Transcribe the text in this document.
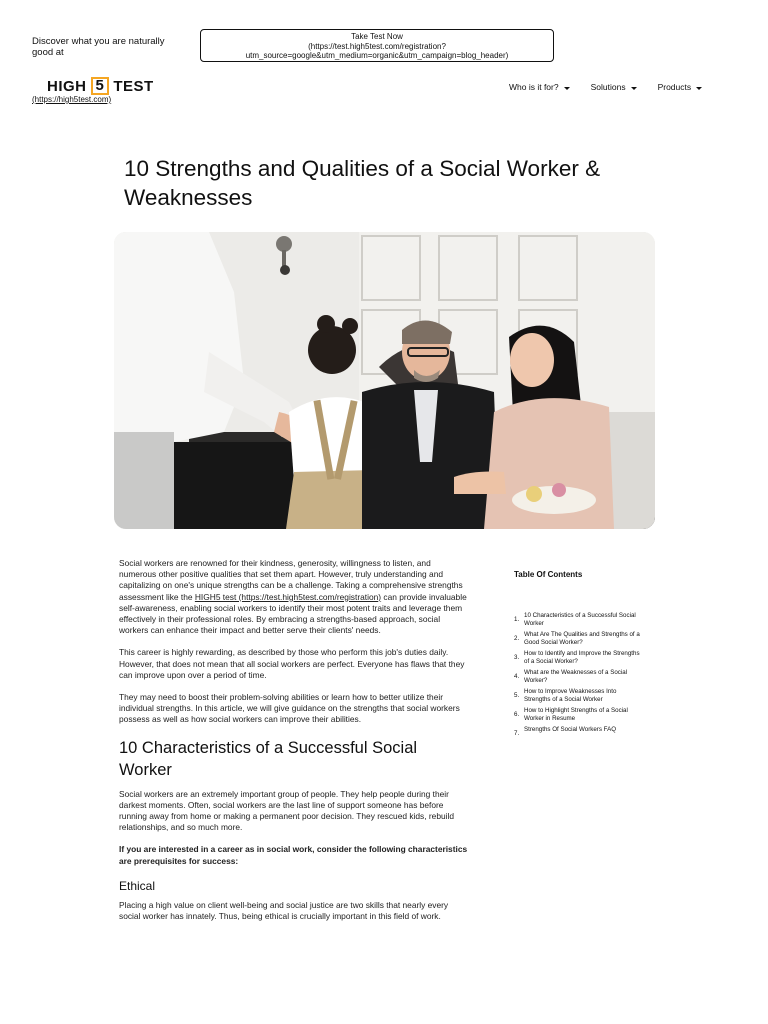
Discover what you are naturally good at
Take Test Now
(https://test.high5test.com/registration?
utm_source=google&utm_medium=organic&utm_campaign=blog_header)
HIGH 5 TEST
(https://high5test.com)
Who is it for?	Solutions	Products
10 Strengths and Qualities of a Social Worker & Weaknesses

Social workers are renowned for their kindness, generosity, willingness to listen, and numerous other positive qualities that set them apart. However, truly understanding and capitalizing on one's unique strengths can be a challenge. Taking a comprehensive strengths assessment like the HIGH5 test (https://test.high5test.com/registration) can provide invaluable self-awareness, enabling social workers to identify their most potent traits and leverage them effectively in their professional roles. By embracing a strengths-based approach, social workers can enhance their impact and better serve their clients' needs.

This career is highly rewarding, as described by those who perform this job's duties daily. However, that does not mean that all social workers are perfect. Everyone has flaws that they can improve upon over a period of time.

They may need to boost their problem-solving abilities or learn how to better utilize their individual strengths. In this article, we will give guidance on the strengths that social workers possess as well as how social workers can improve their abilities.

10 Characteristics of a Successful Social Worker

Social workers are an extremely important group of people. They help people during their darkest moments. Often, social workers are the last line of support someone has before running away from home or making a permanent poor decision. They rescued kids, rebuild relationships, and so much more.

If you are interested in a career as in social work, consider the following characteristics are prerequisites for success:

Ethical

Placing a high value on client well-being and social justice are two skills that nearly every social worker has innately. Thus, being ethical is crucially important in this field of work.

Table Of Contents
1.
10 Characteristics of a Successful Social Worker
2.
What Are The Qualities and Strengths of a Good Social Worker?
3.
How to Identify and Improve the Strengths of a Social Worker?
4.
What are the Weaknesses of a Social Worker?
5.
How to Improve Weaknesses Into Strengths of a Social Worker
6.
How to Highlight Strengths of a Social Worker in Resume
7.
Strengths Of Social Workers FAQ
